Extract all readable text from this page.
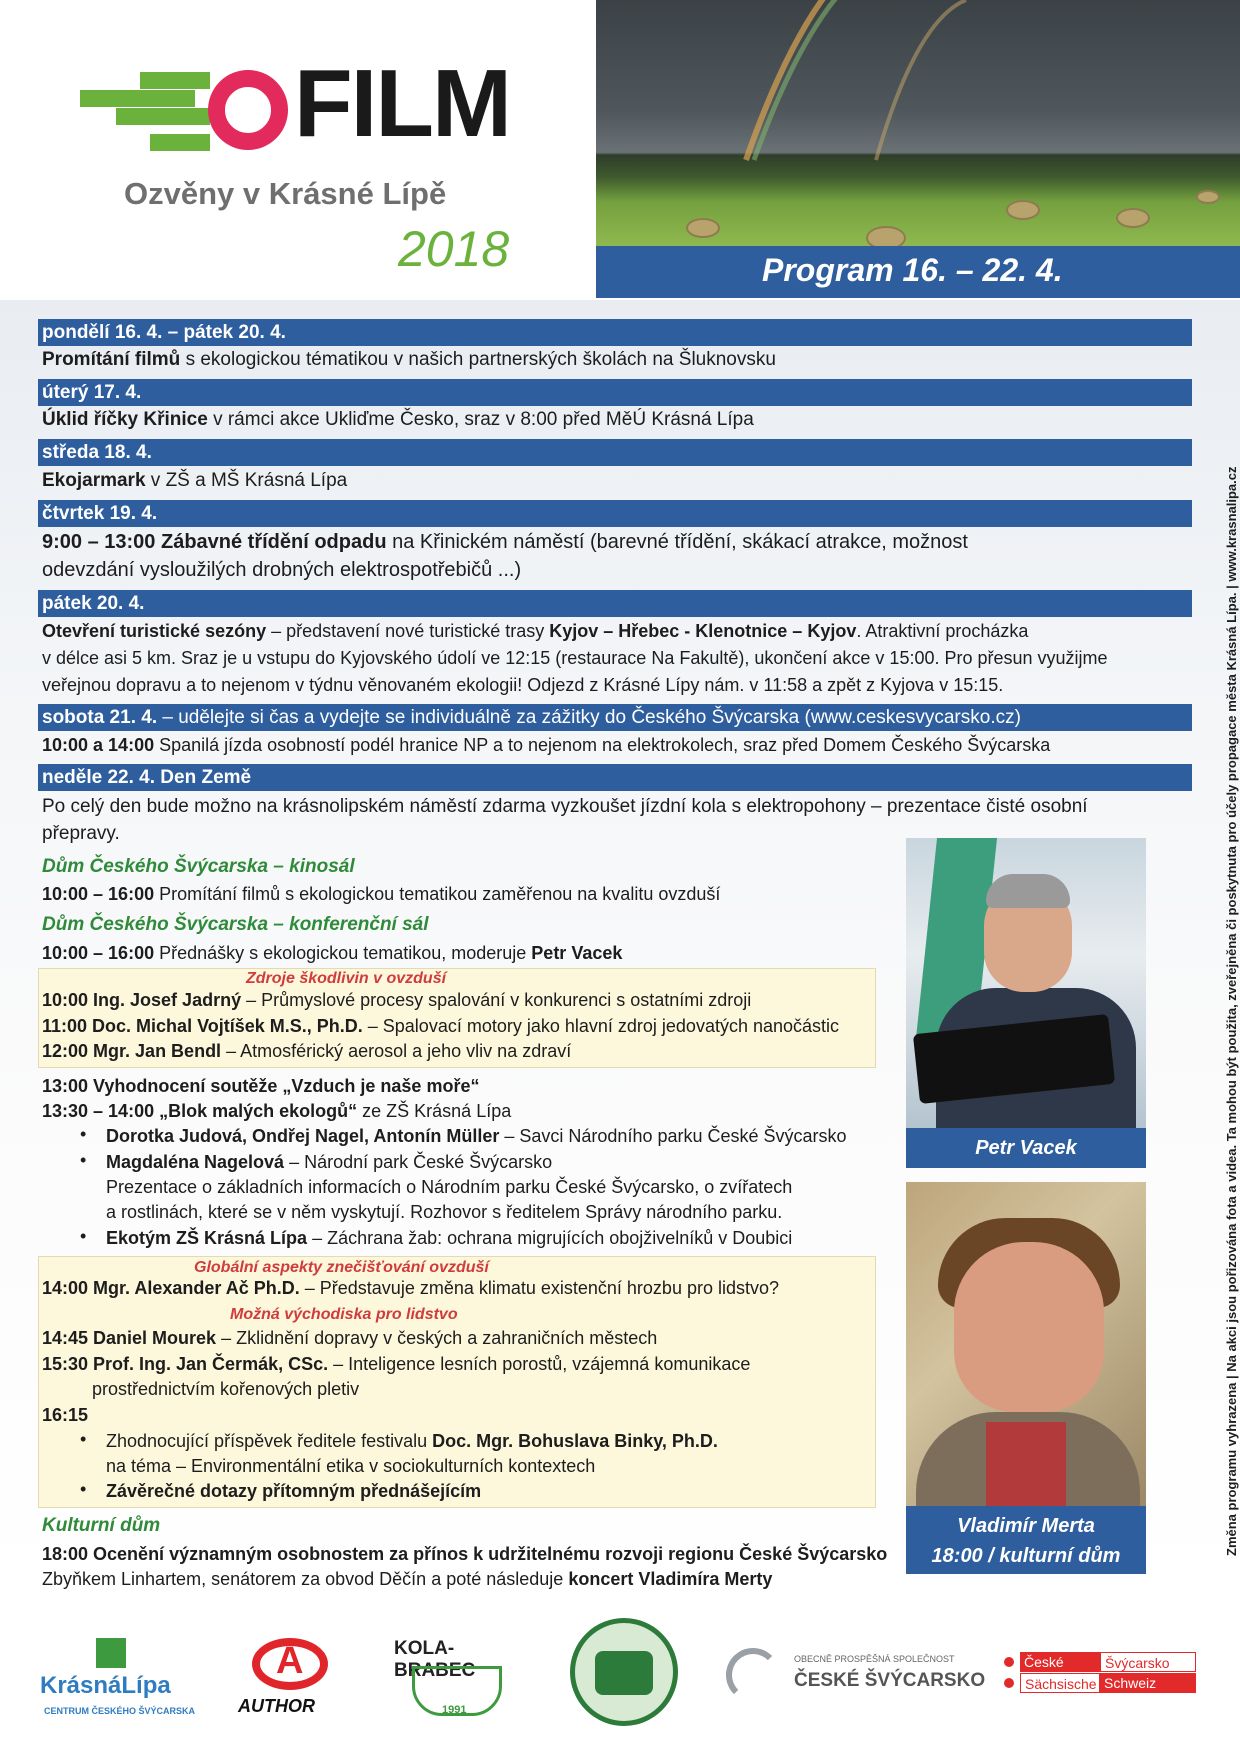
FILM
Ozvěny v Krásné Lípě
2018	Program 16. – 22. 4.
pondělí 16. 4. – pátek 20. 4.
Promítání filmů s ekologickou tématikou v našich partnerských školách na Šluknovsku
úterý 17. 4.
Úklid říčky Křinice v rámci akce Ukliďme Česko, sraz v 8:00 před MěÚ Krásná Lípa
středa 18. 4.
Ekojarmark v ZŠ a MŠ Krásná Lípa
čtvrtek 19. 4.
9:00 – 13:00 Zábavné třídění odpadu na Křinickém náměstí (barevné třídění, skákací atrakce, možnost
odevzdání vysloužilých drobných elektrospotřebičů ...)
pátek 20. 4.
Otevření turistické sezóny – představení nové turistické trasy Kyjov – Hřebec - Klenotnice – Kyjov. Atraktivní procházka
v délce asi 5 km. Sraz je u vstupu do Kyjovského údolí ve 12:15 (restaurace Na Fakultě), ukončení akce v 15:00. Pro přesun využijme
veřejnou dopravu a to nejenom v týdnu věnovaném ekologii! Odjezd z Krásné Lípy nám. v 11:58 a zpět z Kyjova v 15:15.
sobota 21. 4. – udělejte si čas a vydejte se individuálně za zážitky do Českého Švýcarska (www.ceskesvycarsko.cz)
10:00 a 14:00 Spanilá jízda osobností podél hranice NP a to nejenom na elektrokolech, sraz před Domem Českého Švýcarska
neděle 22. 4. Den Země
Po celý den bude možno na krásnolipském náměstí zdarma vyzkoušet jízdní kola s elektropohony – prezentace čisté osobní
přepravy.
Dům Českého Švýcarska – kinosál
10:00 – 16:00 Promítání filmů s ekologickou tematikou zaměřenou na kvalitu ovzduší
Dům Českého Švýcarska – konferenční sál
10:00 – 16:00 Přednášky s ekologickou tematikou, moderuje Petr Vacek
Zdroje škodlivin v ovzduší
10:00 Ing. Josef Jadrný – Průmyslové procesy spalování v konkurenci s ostatními zdroji
11:00 Doc. Michal Vojtíšek M.S., Ph.D. – Spalovací motory jako hlavní zdroj jedovatých nanočástic
12:00 Mgr. Jan Bendl – Atmosférický aerosol a jeho vliv na zdraví
13:00 Vyhodnocení soutěže „Vzduch je naše moře“
13:30 – 14:00 „Blok malých ekologů“ ze ZŠ Krásná Lípa
• Dorotka Judová, Ondřej Nagel, Antonín Müller – Savci Národního parku České Švýcarsko
• Magdaléna Nagelová – Národní park České Švýcarsko
Prezentace o základních informacích o Národním parku České Švýcarsko, o zvířatech
a rostlinách, které se v něm vyskytují. Rozhovor s ředitelem Správy národního parku.
• Ekotým ZŠ Krásná Lípa – Záchrana žab: ochrana migrujících obojživelníků v Doubici
Globální aspekty znečišťování ovzduší
14:00 Mgr. Alexander Ač Ph.D. – Představuje změna klimatu existenční hrozbu pro lidstvo?
Možná východiska pro lidstvo
14:45 Daniel Mourek – Zklidnění dopravy v českých a zahraničních městech
15:30 Prof. Ing. Jan Čermák, CSc. – Inteligence lesních porostů, vzájemná komunikace
prostřednictvím kořenových pletiv
16:15
• Zhodnocující příspěvek ředitele festivalu Doc. Mgr. Bohuslava Binky, Ph.D.
na téma – Environmentální etika v sociokulturních kontextech
• Závěrečné dotazy přítomným přednášejícím
Kulturní dům
18:00 Ocenění významným osobnostem za přínos k udržitelnému rozvoji regionu České Švýcarsko
Zbyňkem Linhartem, senátorem za obvod Děčín a poté následuje koncert Vladimíra Merty
Petr Vacek
Vladimír Merta
18:00 / kulturní dům	Změna programu vyhrazena | Na akci jsou pořizována fota a videa. Ta mohou být použita, zveřejněna či poskytnuta pro účely propagace města Krásná Lípa. | www.krasnalipa.cz
KrásnáLípa
CENTRUM ČESKÉHO ŠVÝCARSKA
A
AUTHOR
KOLA-BRABEC
1991
OBECNĚ PROSPĚŠNÁ SPOLEČNOST
ČESKÉ ŠVÝCARSKO
České	Švýcarsko
Sächsische Schweiz
